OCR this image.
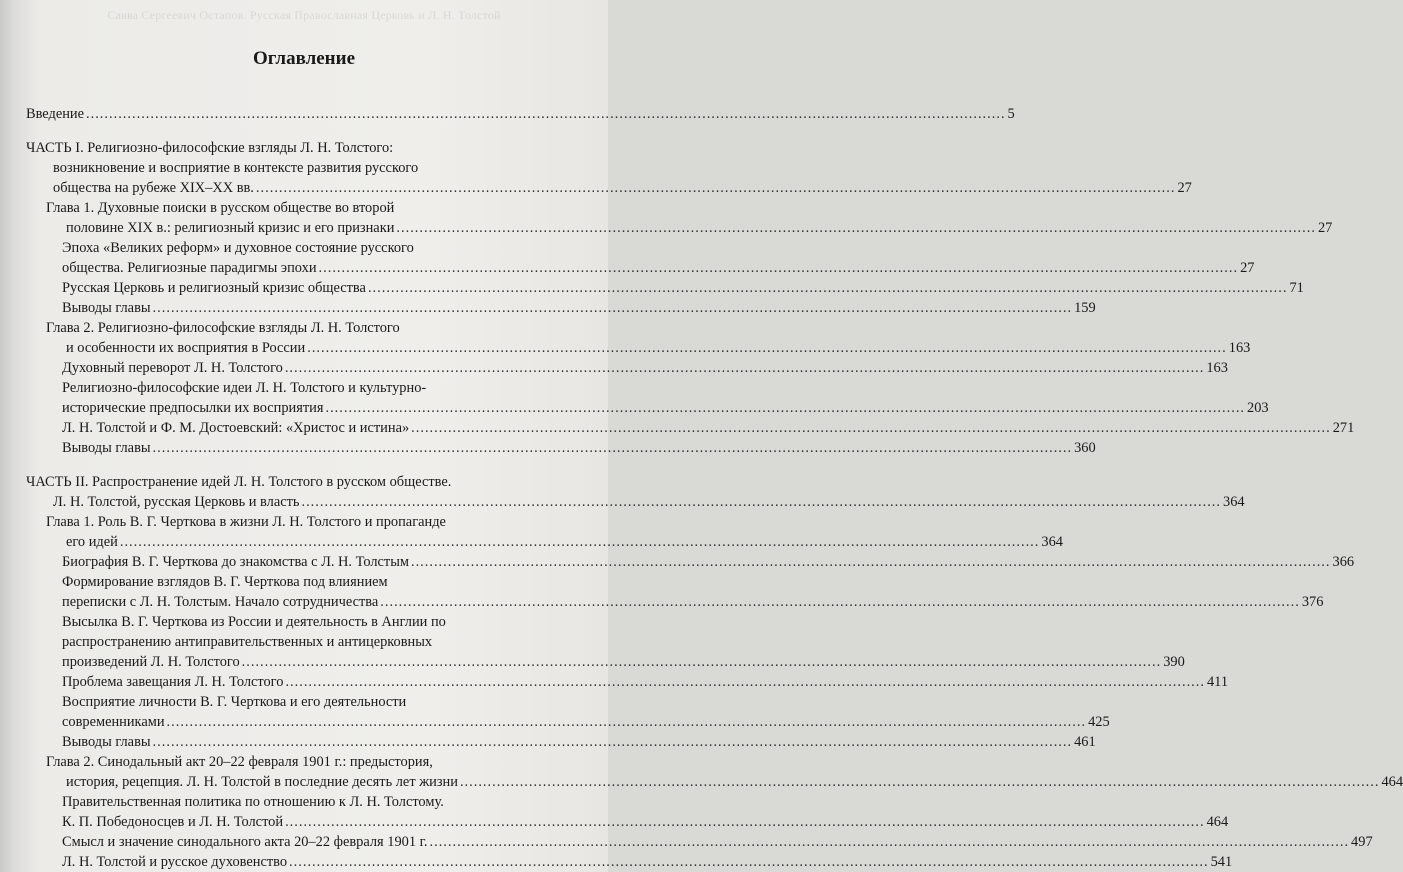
Савва Сергеевич Остапов. Русская Православная Церковь и Л. Н. Толстой
Оглавление
Введение ........................................................................................................................................................................................................ 5
ЧАСТЬ I. Религиозно-философские взгляды Л. Н. Толстого:
возникновение и восприятие в контексте развития русского
общества на рубеже XIX–XX вв. ........................................................................................................................................................................................................ 27
Глава 1. Духовные поиски в русском обществе во второй
половине XIX в.: религиозный кризис и его признаки ........................................................................................................................................................................................................ 27
Эпоха «Великих реформ» и духовное состояние русского
общества. Религиозные парадигмы эпохи ........................................................................................................................................................................................................ 27
Русская Церковь и религиозный кризис общества ........................................................................................................................................................................................................ 71
Выводы главы ........................................................................................................................................................................................................ 159
Глава 2. Религиозно-философские взгляды Л. Н. Толстого
и особенности их восприятия в России ........................................................................................................................................................................................................ 163
Духовный переворот Л. Н. Толстого ........................................................................................................................................................................................................ 163
Религиозно-философские идеи Л. Н. Толстого и культурно-
исторические предпосылки их восприятия ........................................................................................................................................................................................................ 203
Л. Н. Толстой и Ф. М. Достоевский: «Христос и истина» ........................................................................................................................................................................................................ 271
Выводы главы ........................................................................................................................................................................................................ 360
ЧАСТЬ II. Распространение идей Л. Н. Толстого в русском обществе.
Л. Н. Толстой, русская Церковь и власть ........................................................................................................................................................................................................ 364
Глава 1. Роль В. Г. Черткова в жизни Л. Н. Толстого и пропаганде
его идей ........................................................................................................................................................................................................ 364
Биография В. Г. Черткова до знакомства с Л. Н. Толстым ........................................................................................................................................................................................................ 366
Формирование взглядов В. Г. Черткова под влиянием
переписки с Л. Н. Толстым. Начало сотрудничества ........................................................................................................................................................................................................ 376
Высылка В. Г. Черткова из России и деятельность в Англии по
распространению антиправительственных и антицерковных
произведений Л. Н. Толстого ........................................................................................................................................................................................................ 390
Проблема завещания Л. Н. Толстого ........................................................................................................................................................................................................ 411
Восприятие личности В. Г. Черткова и его деятельности
современниками ........................................................................................................................................................................................................ 425
Выводы главы ........................................................................................................................................................................................................ 461
Глава 2. Синодальный акт 20–22 февраля 1901 г.: предыстория,
история, рецепция. Л. Н. Толстой в последние десять лет жизни ........................................................................................................................................................................................................ 464
Правительственная политика по отношению к Л. Н. Толстому.
К. П. Победоносцев и Л. Н. Толстой ........................................................................................................................................................................................................ 464
Смысл и значение синодального акта 20–22 февраля 1901 г. ........................................................................................................................................................................................................ 497
Л. Н. Толстой и русское духовенство ........................................................................................................................................................................................................ 541
